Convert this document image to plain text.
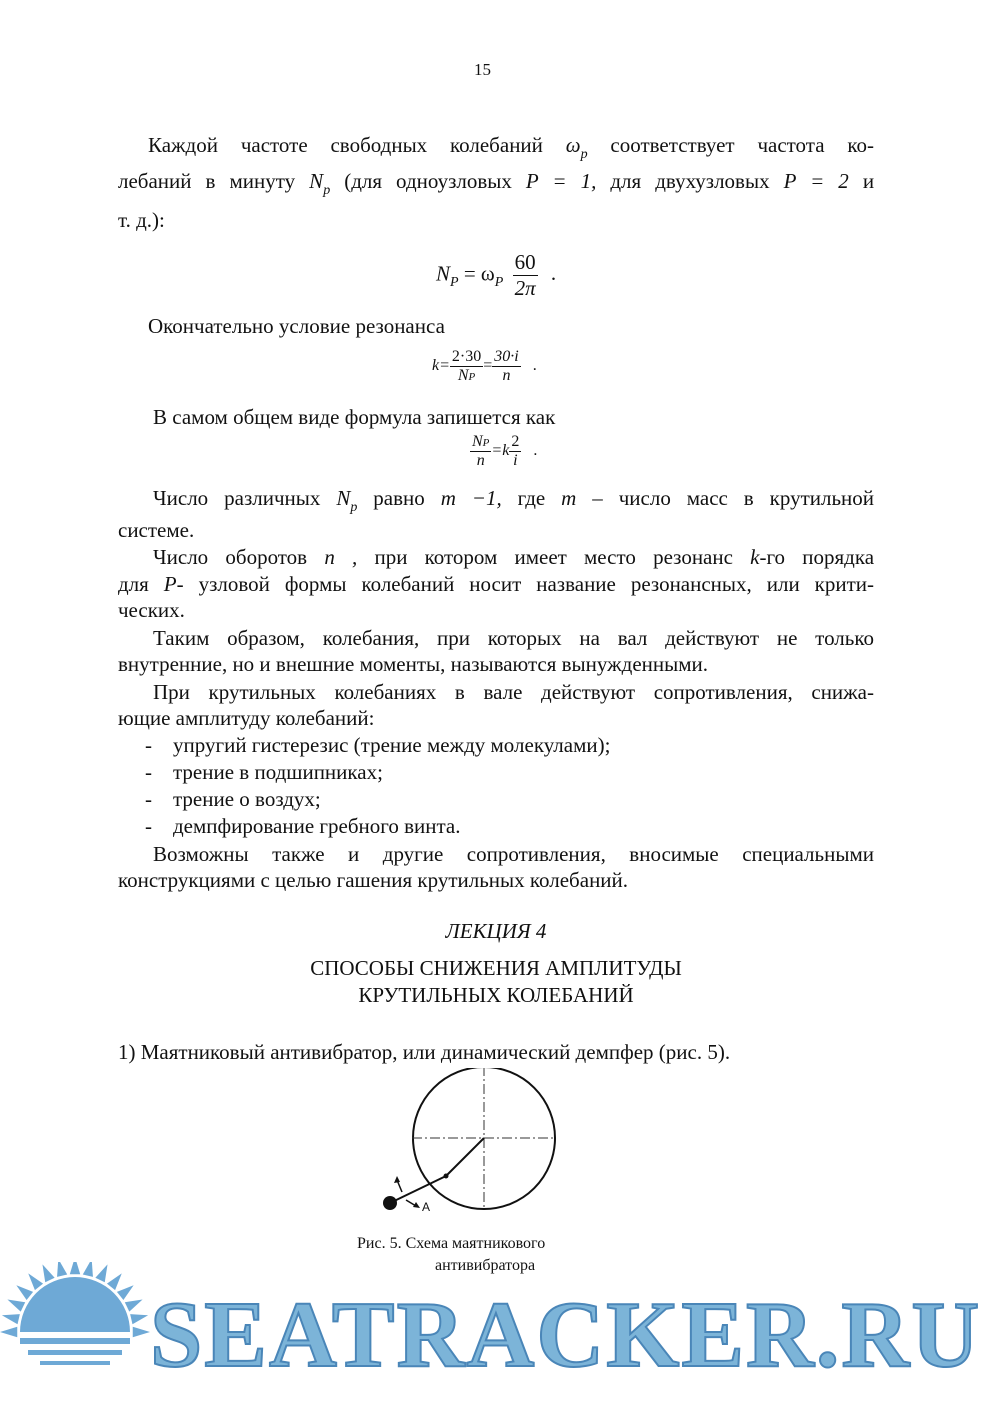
15
Каждой частоте свободных колебаний $\omega_p$ соответствует частота ко-
лебаний в минуту $N_p$ (для одноузловых P = 1, для двухузловых P = 2 и
т. д.):
$N_P = \omega_P \frac{60}{2\pi}$ .
Окончательно условие резонанса
$k= \frac{2\cdot 30}{NP} = \frac{30\cdot i}{n}$ .
В самом общем виде формула запишется как
$\frac{NP}{n} =k \frac{2}{i}$ .
Число различных $N_p$ равно m −1, где m – число масс в крутильной
системе.
Число оборотов n , при котором имеет место резонанс k-го порядка
для P- узловой формы колебаний носит название резонансных, или крити-
ческих.
Таким образом, колебания, при которых на вал действуют не только
внутренние, но и внешние моменты, называются вынужденными.
При крутильных колебаниях в вале действуют сопротивления, снижа-
ющие амплитуду колебаний:
- упругий гистерезис (трение между молекулами);
- трение в подшипниках;
- трение о воздух;
- демпфирование гребного винта.
Возможны также и другие сопротивления, вносимые специальными
конструкциями с целью гашения крутильных колебаний.
ЛЕКЦИЯ 4
СПОСОБЫ СНИЖЕНИЯ АМПЛИТУДЫ
КРУТИЛЬНЫХ КОЛЕБАНИЙ
1) Маятниковый антивибратор, или динамический демпфер (рис. 5).
A
Рис. 5. Схема маятникового
антивибратора
SEATRACKER.RU
